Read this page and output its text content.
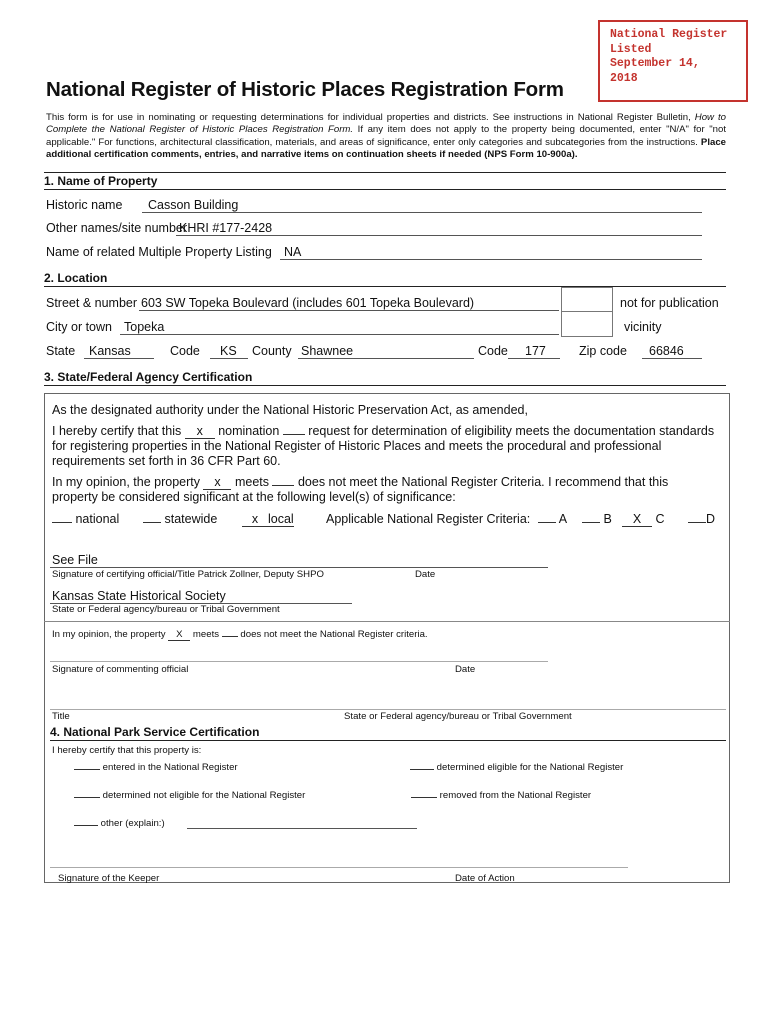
National Register
Listed
September 14,
2018
National Register of Historic Places Registration Form
This form is for use in nominating or requesting determinations for individual properties and districts. See instructions in National Register Bulletin, How to Complete the National Register of Historic Places Registration Form. If any item does not apply to the property being documented, enter "N/A" for "not applicable." For functions, architectural classification, materials, and areas of significance, enter only categories and subcategories from the instructions. Place additional certification comments, entries, and narrative items on continuation sheets if needed (NPS Form 10-900a).
1. Name of Property
Historic name Casson Building
Other names/site number
KHRI #177-2428
Name of related Multiple Property Listing NA
2. Location
Street & number 603 SW Topeka Boulevard (includes 601 Topeka Boulevard)	not for publication
City or town Topeka	vicinity
State Kansas	Code KS County Shawnee	Code 177	Zip code 66846
3. State/Federal Agency Certification
As the designated authority under the National Historic Preservation Act, as amended,
I hereby certify that this x nomination  request for determination of eligibility meets the documentation standards
for registering properties in the National Register of Historic Places and meets the procedural and professional
requirements set forth in 36 CFR Part 60.
In my opinion, the property x meets  does not meet the National Register Criteria. I recommend that this
property be considered significant at the following level(s) of significance:
national	statewide	x local	Applicable National Register Criteria:	A	B	X C	D
See File
Signature of certifying official/Title Patrick Zollner, Deputy SHPO	Date
Kansas State Historical Society
State or Federal agency/bureau or Tribal Government
In my opinion, the property X meets  does not meet the National Register criteria.
Signature of commenting official	Date
Title	State or Federal agency/bureau or Tribal Government
4. National Park Service Certification
I hereby certify that this property is:
entered in the National Register	determined eligible for the National Register
determined not eligible for the National Register	removed from the National Register
other (explain:)
Signature of the Keeper	Date of Action
